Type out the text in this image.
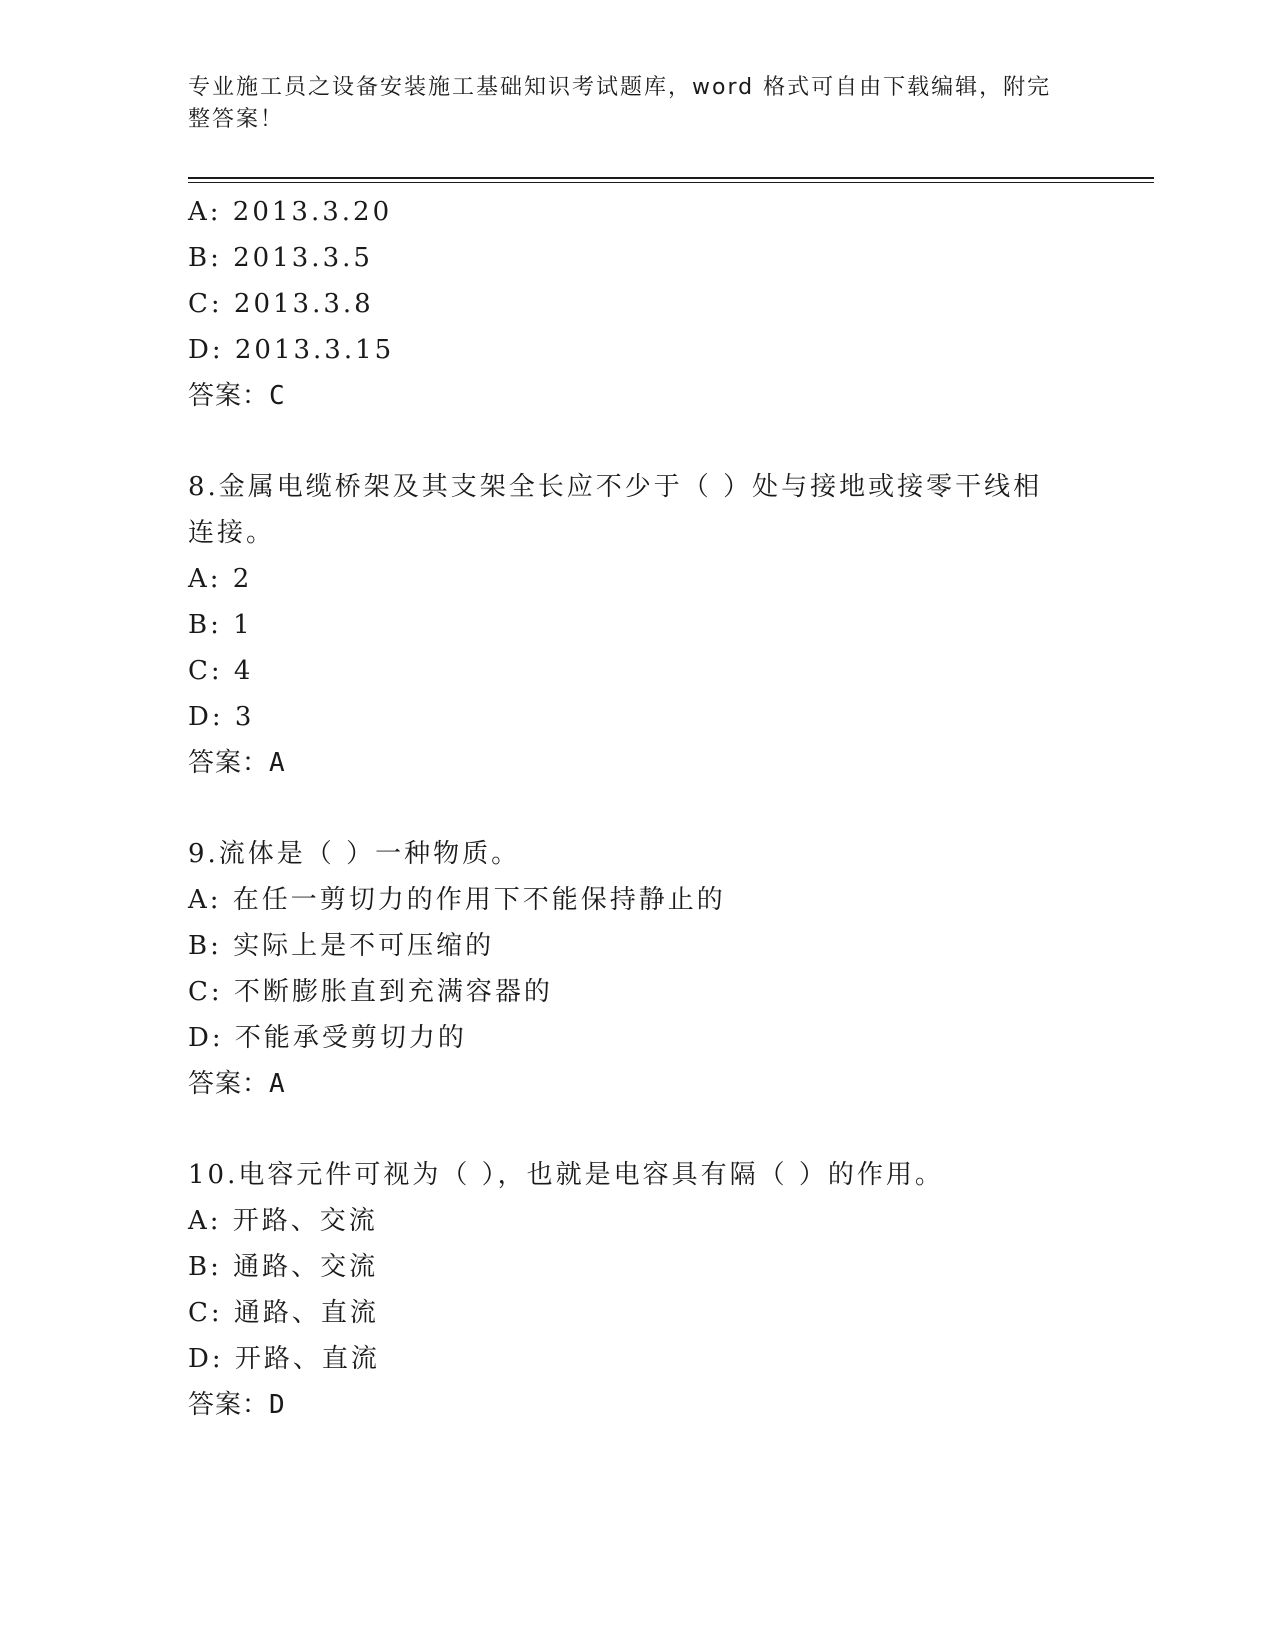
专业施工员之设备安装施工基础知识考试题库，word 格式可自由下载编辑，附完整答案！
A: 2013.3.20
B: 2013.3.5
C: 2013.3.8
D: 2013.3.15
答案：C
8.金属电缆桥架及其支架全长应不少于（ ）处与接地或接零干线相连接。
A: 2
B: 1
C: 4
D: 3
答案：A
9.流体是（ ）一种物质。
A: 在任一剪切力的作用下不能保持静止的
B: 实际上是不可压缩的
C: 不断膨胀直到充满容器的
D: 不能承受剪切力的
答案：A
10.电容元件可视为（ ），也就是电容具有隔（ ）的作用。
A: 开路、交流
B: 通路、交流
C: 通路、直流
D: 开路、直流
答案：D
